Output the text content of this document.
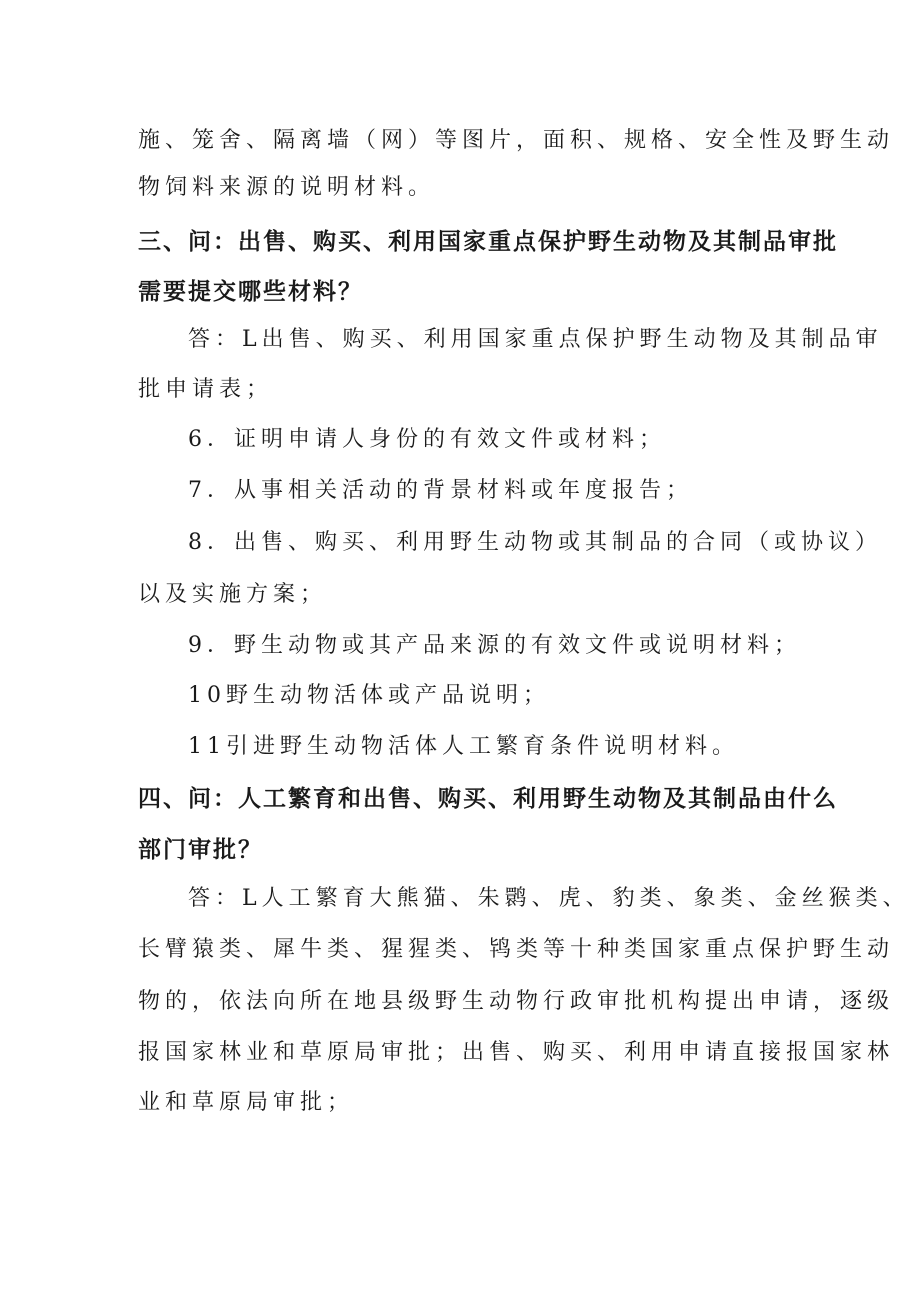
施、笼舍、隔离墙（网）等图片，面积、规格、安全性及野生动
物饲料来源的说明材料。
三、问：出售、购买、利用国家重点保护野生动物及其制品审批
需要提交哪些材料？
答：L出售、购买、利用国家重点保护野生动物及其制品审
批申请表；
6．证明申请人身份的有效文件或材料；
7．从事相关活动的背景材料或年度报告；
8．出售、购买、利用野生动物或其制品的合同（或协议）
以及实施方案；
9．野生动物或其产品来源的有效文件或说明材料；
10野生动物活体或产品说明；
11引进野生动物活体人工繁育条件说明材料。
四、问：人工繁育和出售、购买、利用野生动物及其制品由什么
部门审批？
答：L人工繁育大熊猫、朱鹮、虎、豹类、象类、金丝猴类、
长臂猿类、犀牛类、猩猩类、鸨类等十种类国家重点保护野生动
物的，依法向所在地县级野生动物行政审批机构提出申请，逐级
报国家林业和草原局审批；出售、购买、利用申请直接报国家林
业和草原局审批；
